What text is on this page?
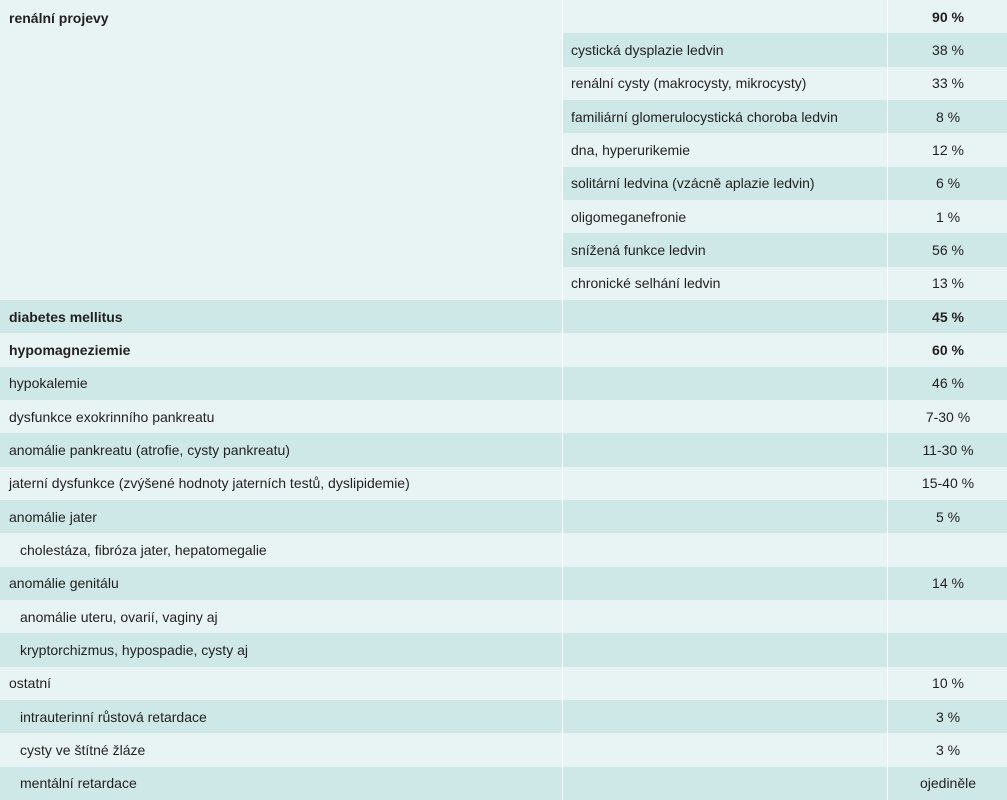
renální projevy		90 %
	cystická dysplazie ledvin	38 %
	renální cysty (makrocysty, mikrocysty)	33 %
	familiární glomerulocystická choroba ledvin	8 %
	dna, hyperurikemie	12 %
	solitární ledvina (vzácně aplazie ledvin)	6 %
	oligomeganefronie	1 %
	snížená funkce ledvin	56 %
	chronické selhání ledvin	13 %
diabetes mellitus		45 %
hypomagneziemie		60 %
hypokalemie		46 %
dysfunkce exokrinního pankreatu		7-30 %
anomálie pankreatu (atrofie, cysty pankreatu)		11-30 %
jaterní dysfunkce (zvýšené hodnoty jaterních testů, dyslipidemie)		15-40 %
anomálie jater		5 %
cholestáza, fibróza jater, hepatomegalie		
anomálie genitálu		14 %
anomálie uteru, ovarií, vaginy aj		
kryptorchizmus, hypospadie, cysty aj		
ostatní		10 %
intrauterinní růstová retardace		3 %
cysty ve štítné žláze		3 %
mentální retardace		ojediněle
